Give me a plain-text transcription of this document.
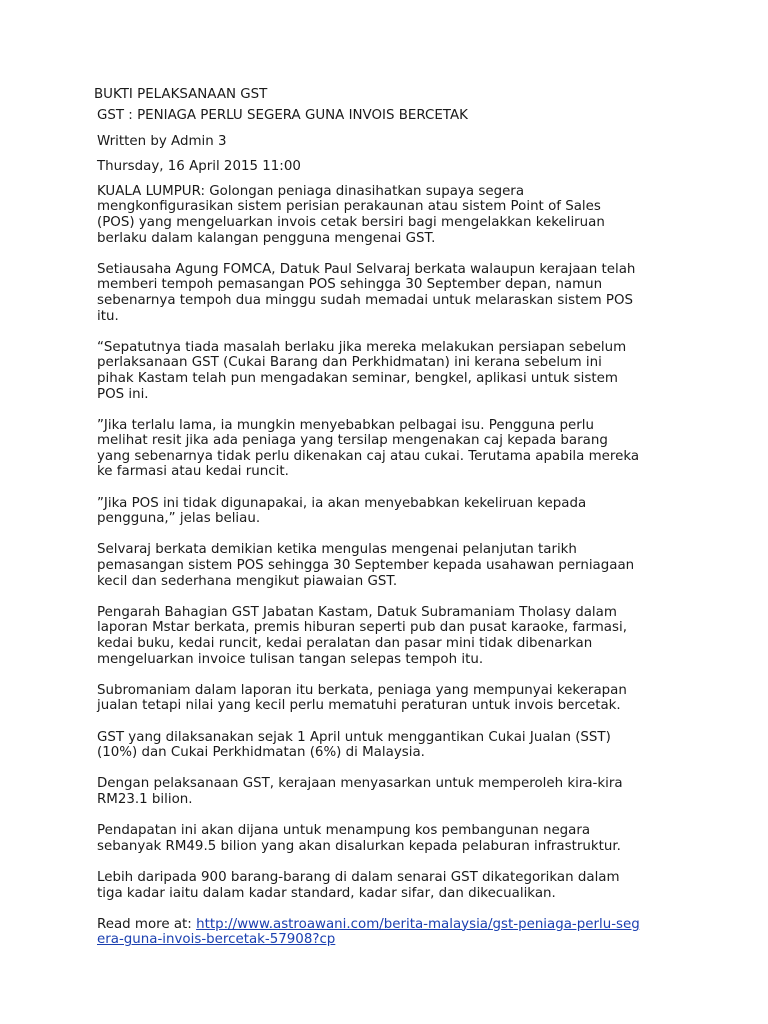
BUKTI PELAKSANAAN GST

GST : PENIAGA PERLU SEGERA GUNA INVOIS BERCETAK

Written by Admin 3

Thursday, 16 April 2015 11:00

KUALA LUMPUR: Golongan peniaga dinasihatkan supaya segera mengkonfigurasikan sistem perisian perakaunan atau sistem Point of Sales (POS) yang mengeluarkan invois cetak bersiri bagi mengelakkan kekeliruan berlaku dalam kalangan pengguna mengenai GST.

Setiausaha Agung FOMCA, Datuk Paul Selvaraj berkata walaupun kerajaan telah memberi tempoh pemasangan POS sehingga 30 September depan, namun sebenarnya tempoh dua minggu sudah memadai untuk melaraskan sistem POS itu.

“Sepatutnya tiada masalah berlaku jika mereka melakukan persiapan sebelum perlaksanaan GST (Cukai Barang dan Perkhidmatan) ini kerana sebelum ini pihak Kastam telah pun mengadakan seminar, bengkel, aplikasi untuk sistem POS ini.

”Jika terlalu lama, ia mungkin menyebabkan pelbagai isu. Pengguna perlu melihat resit jika ada peniaga yang tersilap mengenakan caj kepada barang yang sebenarnya tidak perlu dikenakan caj atau cukai. Terutama apabila mereka ke farmasi atau kedai runcit.

”Jika POS ini tidak digunapakai, ia akan menyebabkan kekeliruan kepada pengguna,” jelas beliau.

Selvaraj berkata demikian ketika mengulas mengenai pelanjutan tarikh pemasangan sistem POS sehingga 30 September kepada usahawan perniagaan kecil dan sederhana mengikut piawaian GST.

Pengarah Bahagian GST Jabatan Kastam, Datuk Subramaniam Tholasy dalam laporan Mstar berkata, premis hiburan seperti pub dan pusat karaoke, farmasi, kedai buku, kedai runcit, kedai peralatan dan pasar mini tidak dibenarkan mengeluarkan invoice tulisan tangan selepas tempoh itu.

Subromaniam dalam laporan itu berkata, peniaga yang mempunyai kekerapan jualan tetapi nilai yang kecil perlu mematuhi peraturan untuk invois bercetak.

GST yang dilaksanakan sejak 1 April untuk menggantikan Cukai Jualan (SST) (10%) dan Cukai Perkhidmatan (6%) di Malaysia.

Dengan pelaksanaan GST, kerajaan menyasarkan untuk memperoleh kira-kira RM23.1 bilion.

Pendapatan ini akan dijana untuk menampung kos pembangunan negara sebanyak RM49.5 bilion yang akan disalurkan kepada pelaburan infrastruktur.

Lebih daripada 900 barang-barang di dalam senarai GST dikategorikan dalam tiga kadar iaitu dalam kadar standard, kadar sifar, dan dikecualikan.

Read more at: http://www.astroawani.com/berita-malaysia/gst-peniaga-perlu-segera-guna-invois-bercetak-57908?cp
